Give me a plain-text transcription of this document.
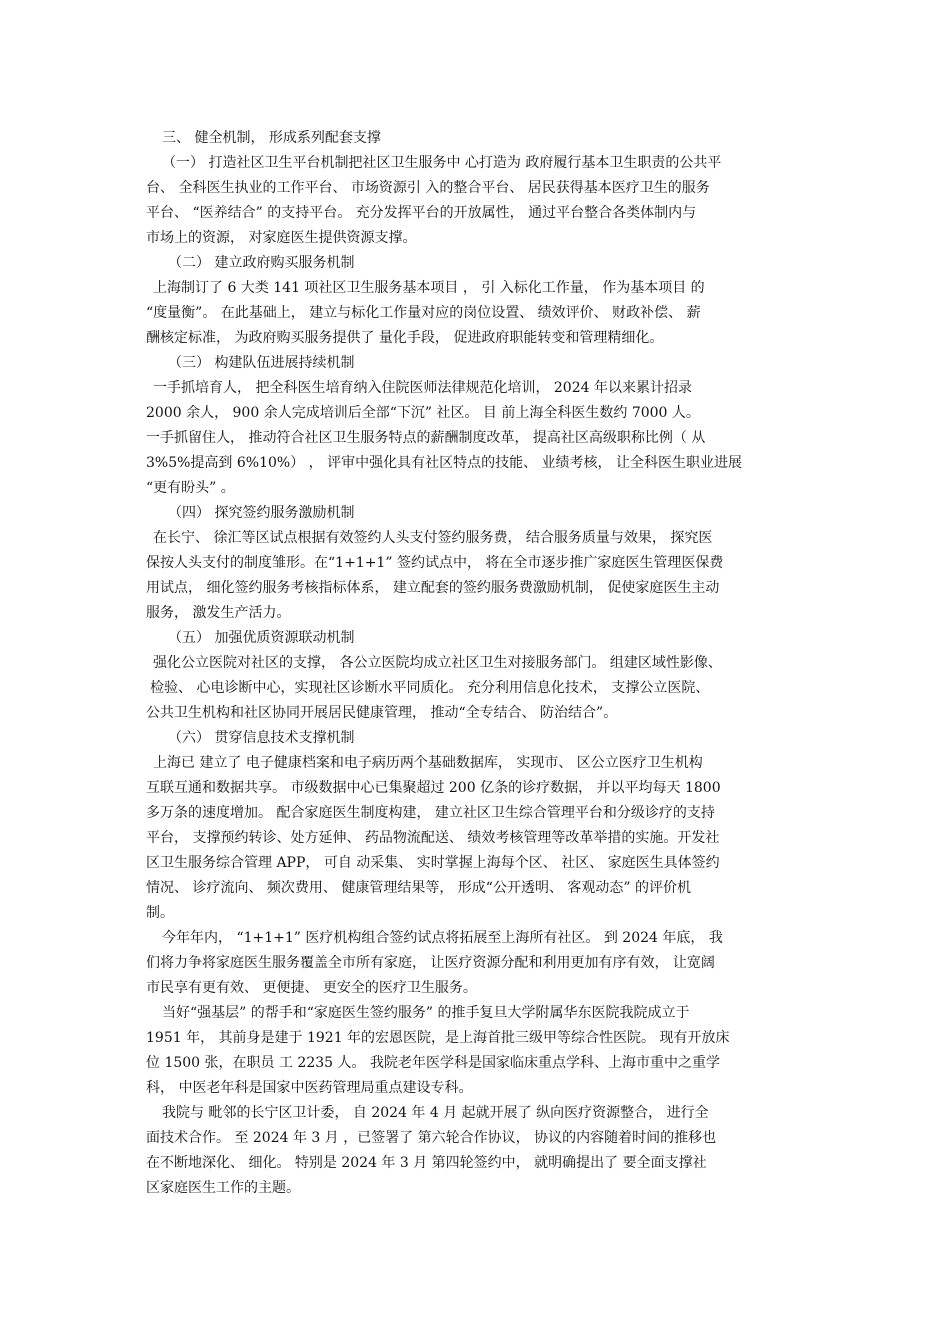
三、 健全机制， 形成系列配套支撑
（一） 打造社区卫生平台机制把社区卫生服务中 心打造为 政府履行基本卫生职责的公共平
台、 全科医生执业的工作平台、 市场资源引 入的整合平台、 居民获得基本医疗卫生的服务
平台、 “医养结合” 的支持平台。 充分发挥平台的开放属性， 通过平台整合各类体制内与
市场上的资源， 对家庭医生提供资源支撑。
（二） 建立政府购买服务机制
上海制订了 6 大类 141 项社区卫生服务基本项目 ， 引 入标化工作量， 作为基本项目 的
“度量衡”。 在此基础上， 建立与标化工作量对应的岗位设置、 绩效评价、 财政补偿、 薪
酬核定标准， 为政府购买服务提供了 量化手段， 促进政府职能转变和管理精细化。
（三） 构建队伍进展持续机制
一手抓培育人， 把全科医生培育纳入住院医师法律规范化培训， 2024 年以来累计招录
2000 余人， 900 余人完成培训后全部“下沉” 社区。 目 前上海全科医生数约 7000 人。
一手抓留住人， 推动符合社区卫生服务特点的薪酬制度改革， 提高社区高级职称比例（ 从
3%5%提高到 6%10%） ， 评审中强化具有社区特点的技能、 业绩考核， 让全科医生职业进展
“更有盼头” 。
（四） 探究签约服务激励机制
在长宁、 徐汇等区试点根据有效签约人头支付签约服务费， 结合服务质量与效果， 探究医
保按人头支付的制度雏形。在“1+1+1” 签约试点中， 将在全市逐步推广家庭医生管理医保费
用试点， 细化签约服务考核指标体系， 建立配套的签约服务费激励机制， 促使家庭医生主动
服务， 激发生产活力。
（五） 加强优质资源联动机制
强化公立医院对社区的支撑， 各公立医院均成立社区卫生对接服务部门。 组建区域性影像、
检验、 心电诊断中心，实现社区诊断水平同质化。 充分利用信息化技术， 支撑公立医院、
公共卫生机构和社区协同开展居民健康管理， 推动“全专结合、 防治结合”。
（六） 贯穿信息技术支撑机制
上海已 建立了 电子健康档案和电子病历两个基础数据库， 实现市、 区公立医疗卫生机构
互联互通和数据共享。 市级数据中心已集聚超过 200 亿条的诊疗数据， 并以平均每天 1800
多万条的速度增加。 配合家庭医生制度构建， 建立社区卫生综合管理平台和分级诊疗的支持
平台， 支撑预约转诊、处方延伸、 药品物流配送、 绩效考核管理等改革举措的实施。开发社
区卫生服务综合管理 APP， 可自 动采集、 实时掌握上海每个区、 社区、 家庭医生具体签约
情况、 诊疗流向、 频次费用、 健康管理结果等， 形成“公开透明、 客观动态” 的评价机
制。
今年年内， “1+1+1” 医疗机构组合签约试点将拓展至上海所有社区。 到 2024 年底， 我
们将力争将家庭医生服务覆盖全市所有家庭， 让医疗资源分配和利用更加有序有效， 让宽阔
市民享有更有效、 更便捷、 更安全的医疗卫生服务。
当好“强基层” 的帮手和“家庭医生签约服务” 的推手复旦大学附属华东医院我院成立于
1951 年， 其前身是建于 1921 年的宏恩医院，是上海首批三级甲等综合性医院。 现有开放床
位 1500 张，在职员 工 2235 人。 我院老年医学科是国家临床重点学科、上海市重中之重学
科， 中医老年科是国家中医药管理局重点建设专科。
我院与 毗邻的长宁区卫计委， 自 2024 年 4 月 起就开展了 纵向医疗资源整合， 进行全
面技术合作。 至 2024 年 3 月 ，已签署了 第六轮合作协议， 协议的内容随着时间的推移也
在不断地深化、 细化。 特别是 2024 年 3 月 第四轮签约中， 就明确提出了 要全面支撑社
区家庭医生工作的主题。
